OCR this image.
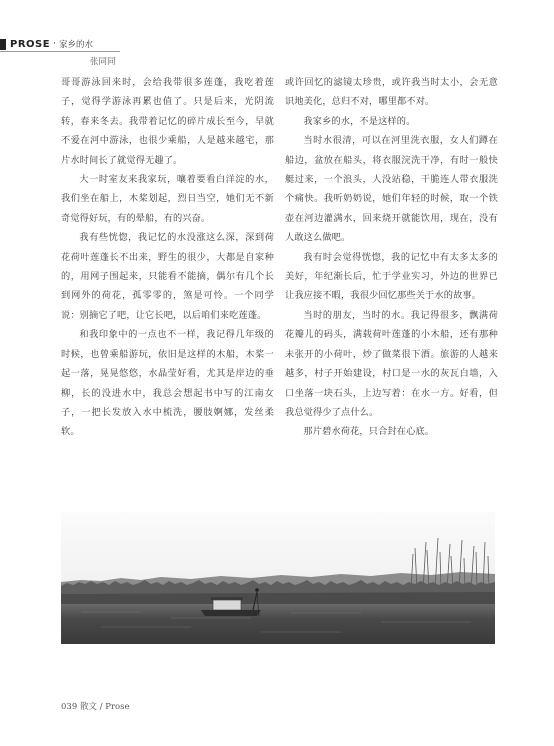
PROSE · 家乡的水
张同同

哥哥游泳回来时，会给我带很多莲蓬，我吃着莲子，觉得学游泳再累也值了。只是后来，光阴流转，春来冬去。我带着记忆的碎片成长至今，早就不爱在河中游泳，也很少乘船，人是越来越宅，那片水时间长了就觉得无趣了。

大一时室友来我家玩，嚷着要看白洋淀的水，我们坐在船上，木桨划起，烈日当空，她们无不新奇觉得好玩，有的晕船，有的兴奋。

我有些恍惚，我记忆的水没涨这么深，深到荷花荷叶莲蓬长不出来，野生的很少，大都是自家种的，用网子围起来，只能看不能摘，偶尔有几个长到网外的荷花，孤零零的，煞是可怜。一个同学说：别摘它了吧，让它长吧，以后咱们来吃莲蓬。

和我印象中的一点也不一样，我记得几年级的时候，也曾乘船游玩，依旧是这样的木船，木桨一起一落，晃晃悠悠，水晶莹好看，尤其是岸边的垂柳，长的没进水中，我总会想起书中写的江南女子，一把长发放入水中梳洗，腰肢婀娜，发丝柔软。

或许回忆的滤镜太珍贵，或许我当时太小，会无意识地美化，总归不对，哪里都不对。

我家乡的水，不是这样的。

当时水很清，可以在河里洗衣服，女人们蹲在船边，盆放在船头，将衣服浣洗干净，有时一般快艇过来，一个浪头，人没站稳，干脆连人带衣服洗个痛快。我听奶奶说，她们年轻的时候，取一个铁壶在河边灌满水，回来烧开就能饮用，现在，没有人敢这么做吧。

我有时会觉得恍惚，我的记忆中有太多太多的美好，年纪渐长后，忙于学业实习，外边的世界已让我应接不暇，我很少回忆那些关于水的故事。

当时的朋友，当时的水。我记得很多，飘满荷花瓣儿的码头，满载荷叶莲蓬的小木船，还有那种未张开的小荷叶，炒了做菜很下酒。旅游的人越来越多，村子开始建设，村口是一水的灰瓦白墙，入口坐落一块石头，上边写着：在水一方。好看，但我总觉得少了点什么。

那片碧水荷花，只合封在心底。

039 散文 / Prose
